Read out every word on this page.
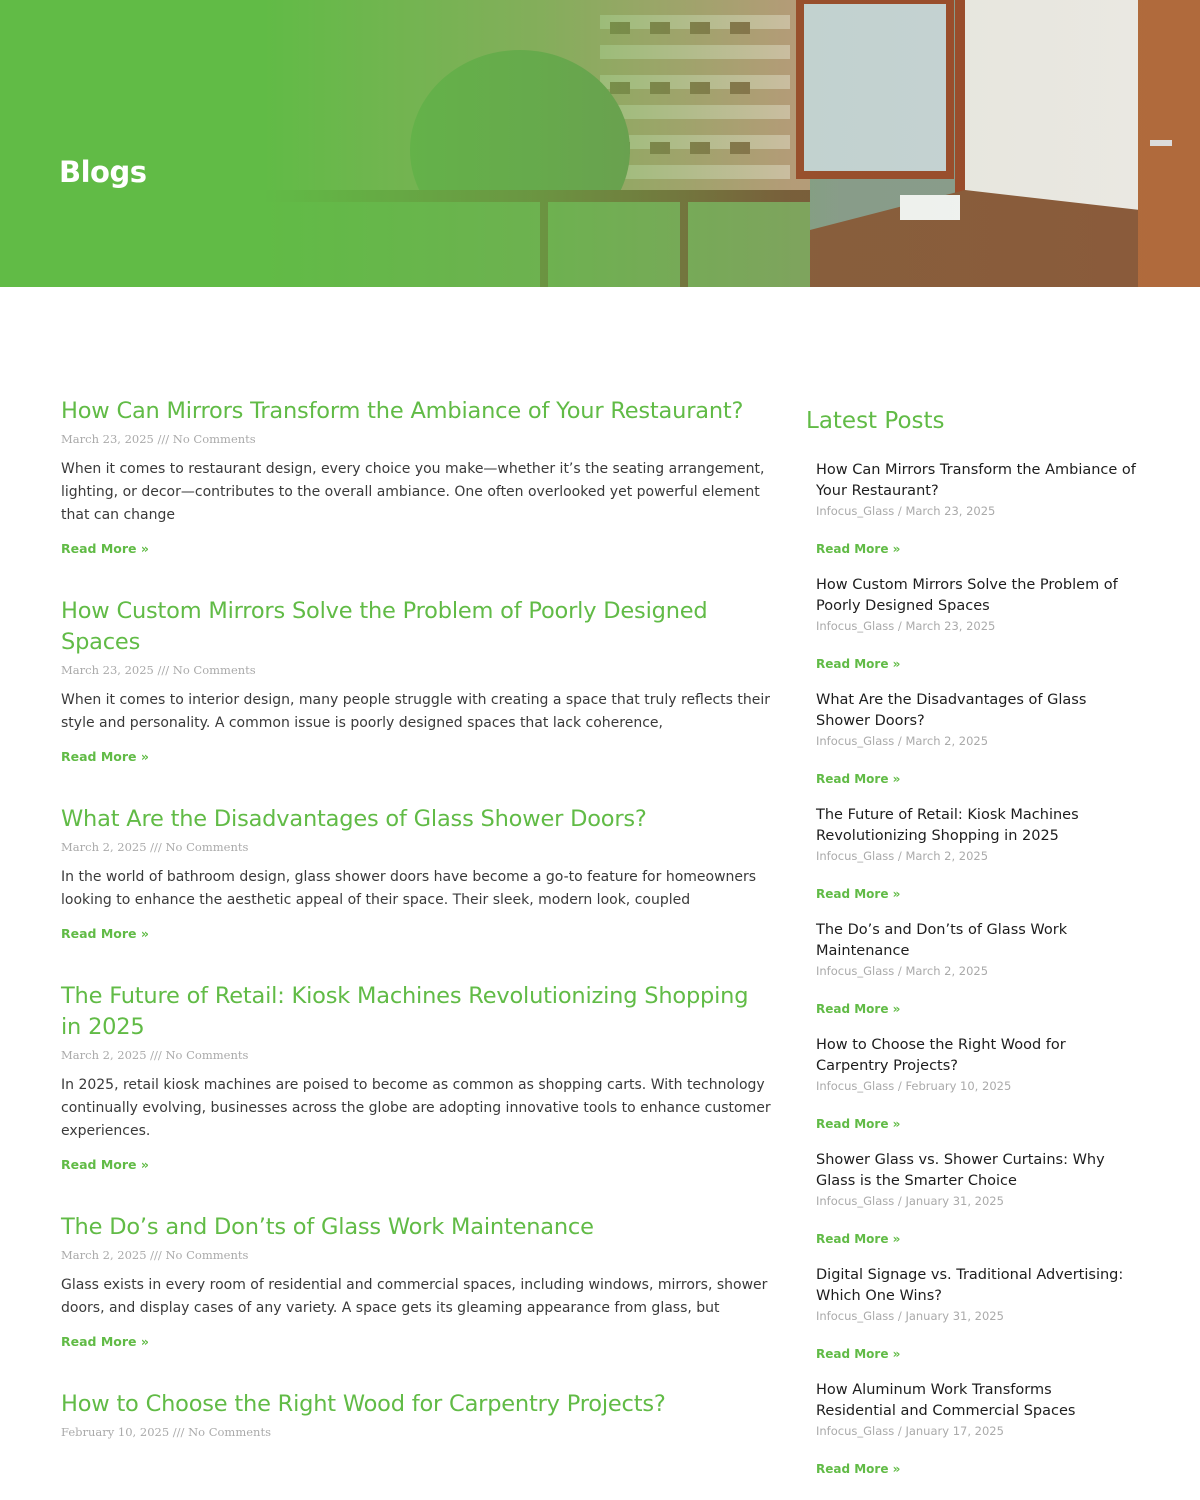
Blogs
How Can Mirrors Transform the Ambiance of Your Restaurant?
March 23, 2025 /// No Comments

When it comes to restaurant design, every choice you make—whether it’s the seating arrangement, lighting, or decor—contributes to the overall ambiance. One often overlooked yet powerful element that can change

Read More »
How Custom Mirrors Solve the Problem of Poorly Designed Spaces
March 23, 2025 /// No Comments

When it comes to interior design, many people struggle with creating a space that truly reflects their style and personality. A common issue is poorly designed spaces that lack coherence,

Read More »
What Are the Disadvantages of Glass Shower Doors?
March 2, 2025 /// No Comments

In the world of bathroom design, glass shower doors have become a go-to feature for homeowners looking to enhance the aesthetic appeal of their space. Their sleek, modern look, coupled

Read More »
The Future of Retail: Kiosk Machines Revolutionizing Shopping in 2025
March 2, 2025 /// No Comments

In 2025, retail kiosk machines are poised to become as common as shopping carts. With technology continually evolving, businesses across the globe are adopting innovative tools to enhance customer experiences.

Read More »
The Do’s and Don’ts of Glass Work Maintenance
March 2, 2025 /// No Comments

Glass exists in every room of residential and commercial spaces, including windows, mirrors, shower doors, and display cases of any variety. A space gets its gleaming appearance from glass, but

Read More »
How to Choose the Right Wood for Carpentry Projects?
February 10, 2025 /// No Comments
Latest Posts
How Can Mirrors Transform the Ambiance of Your Restaurant?
Infocus_Glass / March 23, 2025
Read More »
How Custom Mirrors Solve the Problem of Poorly Designed Spaces
Infocus_Glass / March 23, 2025
Read More »
What Are the Disadvantages of Glass Shower Doors?
Infocus_Glass / March 2, 2025
Read More »
The Future of Retail: Kiosk Machines Revolutionizing Shopping in 2025
Infocus_Glass / March 2, 2025
Read More »
The Do’s and Don’ts of Glass Work Maintenance
Infocus_Glass / March 2, 2025
Read More »
How to Choose the Right Wood for Carpentry Projects?
Infocus_Glass / February 10, 2025
Read More »
Shower Glass vs. Shower Curtains: Why Glass is the Smarter Choice
Infocus_Glass / January 31, 2025
Read More »
Digital Signage vs. Traditional Advertising: Which One Wins?
Infocus_Glass / January 31, 2025
Read More »
How Aluminum Work Transforms Residential and Commercial Spaces
Infocus_Glass / January 17, 2025
Read More »
